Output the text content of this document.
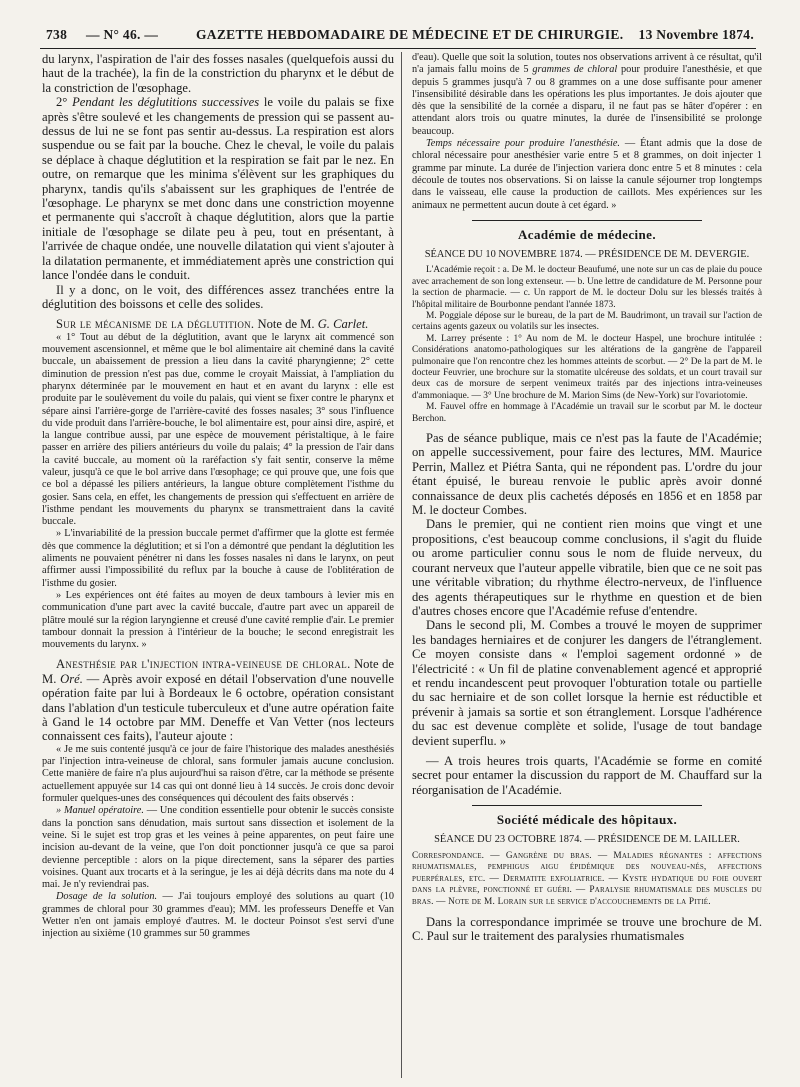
738 — N° 46. —	GAZETTE HEBDOMADAIRE DE MÉDECINE ET DE CHIRURGIE. 13 Novembre 1874.

du larynx, l'aspiration de l'air des fosses nasales (quelquefois aussi du haut de la trachée), la fin de la constriction du pharynx et le début de la constriction de l'œsophage.

2° Pendant les déglutitions successives le voile du palais se fixe après s'être soulevé et les changements de pression qui se passent au-dessus de lui ne se font pas sentir au-dessus. La respiration est alors suspendue ou se fait par la bouche. Chez le cheval, le voile du palais se déplace à chaque déglutition et la respiration se fait par le nez. En outre, on remarque que les minima s'élèvent sur les graphiques du pharynx, tandis qu'ils s'abaissent sur les graphiques de l'entrée de l'œsophage. Le pharynx se met donc dans une constriction moyenne et permanente qui s'accroît à chaque déglutition, alors que la partie initiale de l'œsophage se dilate peu à peu, tout en présentant, à l'arrivée de chaque ondée, une nouvelle dilatation qui vient s'ajouter à la dilatation permanente, et immédiatement après une constriction qui lance l'ondée dans le conduit.

Il y a donc, on le voit, des différences assez tranchées entre la déglutition des boissons et celle des solides.

Sur le mécanisme de la déglutition. Note de M. G. Carlet.

« 1° Tout au début de la déglutition, avant que le larynx ait commencé son mouvement ascensionnel, et même que le bol alimentaire ait cheminé dans la cavité buccale, un abaissement de pression a lieu dans la cavité pharyngienne; 2° cette diminution de pression n'est pas due, comme le croyait Maissiat, à l'ampliation du pharynx déterminée par le mouvement en haut et en avant du larynx : elle est produite par le soulèvement du voile du palais, qui vient se fixer contre le pharynx et sépare ainsi l'arrière-gorge de l'arrière-cavité des fosses nasales; 3° sous l'influence du vide produit dans l'arrière-bouche, le bol alimentaire est, pour ainsi dire, aspiré, et la langue contribue aussi, par une espèce de mouvement péristaltique, à le faire passer en arrière des piliers antérieurs du voile du palais; 4° la pression de l'air dans la cavité buccale, au moment où la raréfaction s'y fait sentir, conserve la même valeur, jusqu'à ce que le bol arrive dans l'œsophage; ce qui prouve que, une fois que ce bol a dépassé les piliers antérieurs, la langue obture complètement l'isthme du gosier. Sans cela, en effet, les changements de pression qui s'effectuent en arrière de l'isthme pendant les mouvements du pharynx se transmettraient dans la cavité buccale.

» L'invariabilité de la pression buccale permet d'affirmer que la glotte est fermée dès que commence la déglutition; et si l'on a démontré que pendant la déglutition les aliments ne pouvaient pénétrer ni dans les fosses nasales ni dans le larynx, on peut affirmer aussi l'impossibilité du reflux par la bouche à cause de l'oblitération de l'isthme du gosier.

» Les expériences ont été faites au moyen de deux tambours à levier mis en communication d'une part avec la cavité buccale, d'autre part avec un appareil de plâtre moulé sur la région laryngienne et creusé d'une cavité remplie d'air. Le premier tambour donnait la pression à l'intérieur de la bouche; le second enregistrait les mouvements du larynx. »

Anesthésie par l'injection intra-veineuse de chloral. Note de M. Oré. — Après avoir exposé en détail l'observation d'une nouvelle opération faite par lui à Bordeaux le 6 octobre, opération consistant dans l'ablation d'un testicule tuberculeux et d'une autre opération faite à Gand le 14 octobre par MM. Deneffe et Van Vetter (nos lecteurs connaissent ces faits), l'auteur ajoute :

« Je me suis contenté jusqu'à ce jour de faire l'historique des malades anesthésiés par l'injection intra-veineuse de chloral, sans formuler jamais aucune conclusion. Cette manière de faire n'a plus aujourd'hui sa raison d'être, car la méthode se présente actuellement appuyée sur 14 cas qui ont donné lieu à 14 succès. Je crois donc devoir formuler quelques-unes des conséquences qui découlent des faits observés :

» Manuel opératoire. — Une condition essentielle pour obtenir le succès consiste dans la ponction sans dénudation, mais surtout sans dissection et isolement de la veine. Si le sujet est trop gras et les veines à peine apparentes, on peut faire une incision au-devant de la veine, que l'on doit ponctionner jusqu'à ce que sa paroi devienne perceptible : alors on la pique directement, sans la séparer des parties voisines. Quant aux trocarts et à la seringue, je les ai déjà décrits dans ma note du 4 mai. Je n'y reviendrai pas.

Dosage de la solution. — J'ai toujours employé des solutions au quart (10 grammes de chloral pour 30 grammes d'eau); MM. les professeurs Deneffe et Van Wetter n'en ont jamais employé d'autres. M. le docteur Poinsot s'est servi d'une injection au sixième (10 grammes sur 50 grammes

d'eau). Quelle que soit la solution, toutes nos observations arrivent à ce résultat, qu'il n'a jamais fallu moins de 5 grammes de chloral pour produire l'anesthésie, et que depuis 5 grammes jusqu'à 7 ou 8 grammes on a une dose suffisante pour amener l'insensibilité désirable dans les opérations les plus importantes. Je dois ajouter que dès que la sensibilité de la cornée a disparu, il ne faut pas se hâter d'opérer : en attendant alors trois ou quatre minutes, la durée de l'insensibilité se prolonge beaucoup.

Temps nécessaire pour produire l'anesthésie. — Étant admis que la dose de chloral nécessaire pour anesthésier varie entre 5 et 8 grammes, on doit injecter 1 gramme par minute. La durée de l'injection variera donc entre 5 et 8 minutes : cela découle de toutes nos observations. Si on laisse la canule séjourner trop longtemps dans le vaisseau, elle cause la production de caillots. Mes expériences sur les animaux ne permettent aucun doute à cet égard. »

Académie de médecine.
SÉANCE DU 10 NOVEMBRE 1874. — PRÉSIDENCE DE M. DEVERGIE.

L'Académie reçoit : a. De M. le docteur Beaufumé, une note sur un cas de plaie du pouce avec arrachement de son long extenseur. — b. Une lettre de candidature de M. Personne pour la section de pharmacie. — c. Un rapport de M. le docteur Dolu sur les blessés traités à l'hôpital militaire de Bourbonne pendant l'année 1873.

M. Poggiale dépose sur le bureau, de la part de M. Baudrimont, un travail sur l'action de certains agents gazeux ou volatils sur les insectes.

M. Larrey présente : 1° Au nom de M. le docteur Haspel, une brochure intitulée : Considérations anatomo-pathologiques sur les altérations de la gangrène de l'appareil pulmonaire que l'on rencontre chez les hommes atteints de scorbut. — 2° De la part de M. le docteur Feuvrier, une brochure sur la stomatite ulcéreuse des soldats, et un court travail sur deux cas de morsure de serpent venimeux traités par des injections intra-veineuses d'ammoniaque. — 3° Une brochure de M. Marion Sims (de New-York) sur l'ovariotomie.

M. Fauvel offre en hommage à l'Académie un travail sur le scorbut par M. le docteur Berchon.

Pas de séance publique, mais ce n'est pas la faute de l'Académie; on appelle successivement, pour faire des lectures, MM. Maurice Perrin, Mallez et Piétra Santa, qui ne répondent pas. L'ordre du jour étant épuisé, le bureau renvoie le public après avoir donné connaissance de deux plis cachetés déposés en 1856 et en 1858 par M. le docteur Combes.

Dans le premier, qui ne contient rien moins que vingt et une propositions, c'est beaucoup comme conclusions, il s'agit du fluide ou arome particulier connu sous le nom de fluide nerveux, du courant nerveux que l'auteur appelle vibratile, bien que ce ne soit pas une véritable vibration; du rhythme électro-nerveux, de l'influence des agents thérapeutiques sur le rhythme en question et de bien d'autres choses encore que l'Académie refuse d'entendre.

Dans le second pli, M. Combes a trouvé le moyen de supprimer les bandages herniaires et de conjurer les dangers de l'étranglement. Ce moyen consiste dans « l'emploi sagement ordonné » de l'électricité : « Un fil de platine convenablement agencé et approprié et rendu incandescent peut provoquer l'obturation totale ou partielle du sac herniaire et de son collet lorsque la hernie est réductible et prévenir à jamais sa sortie et son étranglement. Lorsque l'adhérence du sac est devenue complète et solide, l'usage de tout bandage devient superflu. »

— A trois heures trois quarts, l'Académie se forme en comité secret pour entamer la discussion du rapport de M. Chauffard sur la réorganisation de l'Académie.

Société médicale des hôpitaux.
SÉANCE DU 23 OCTOBRE 1874. — PRÉSIDENCE DE M. LAILLER.

Correspondance. — Gangrène du bras. — Maladies régnantes : affections rhumatismales, pemphigus aigu épidémique des nouveau-nés, affections puerpérales, etc. — Dermatite exfoliatrice. — Kyste hydatique du foie ouvert dans la plèvre, ponctionné et guéri. — Paralysie rhumatismale des muscles du bras. — Note de M. Lorain sur le service d'accouchements de la Pitié.

Dans la correspondance imprimée se trouve une brochure de M. C. Paul sur le traitement des paralysies rhumatismales
